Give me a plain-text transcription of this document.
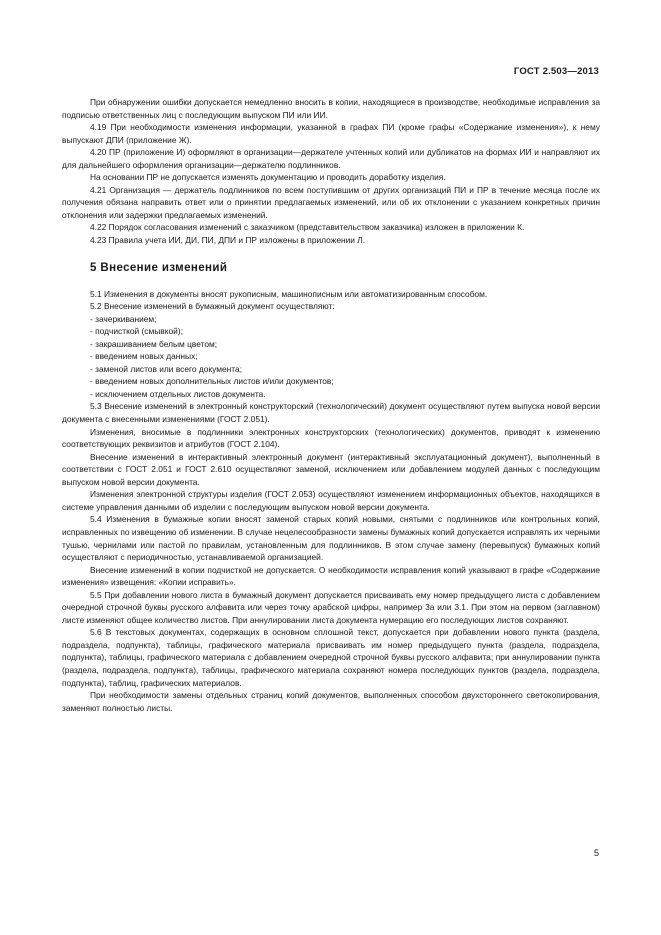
ГОСТ 2.503—2013

При обнаружении ошибки допускается немедленно вносить в копии, находящиеся в производстве, необходимые исправления за подписью ответственных лиц с последующим выпуском ПИ или ИИ.

4.19 При необходимости изменения информации, указанной в графах ПИ (кроме графы «Содержание изменения»), к нему выпускают ДПИ (приложение Ж).

4.20 ПР (приложение И) оформляют в организации—держателе учтенных копий или дубликатов на формах ИИ и направляют их для дальнейшего оформления организации—держателю подлинников.

На основании ПР не допускается изменять документацию и проводить доработку изделия.

4.21 Организация — держатель подлинников по всем поступившим от других организаций ПИ и ПР в течение месяца после их получения обязана направить ответ или о принятии предлагаемых изменений, или об их отклонении с указанием конкретных причин отклонения или задержки предлагаемых изменений.

4.22 Порядок согласования изменений с заказчиком (представительством заказчика) изложен в приложении К.

4.23 Правила учета ИИ, ДИ, ПИ, ДПИ и ПР изложены в приложении Л.

5 Внесение изменений

5.1 Изменения в документы вносят рукописным, машинописным или автоматизированным способом.

5.2 Внесение изменений в бумажный документ осуществляют:

- зачеркиванием;

- подчисткой (смывкой);

- закрашиванием белым цветом;

- введением новых данных;

- заменой листов или всего документа;

- введением новых дополнительных листов и/или документов;

- исключением отдельных листов документа.

5.3 Внесение изменений в электронный конструкторский (технологический) документ осуществляют путем выпуска новой версии документа с внесенными изменениями (ГОСТ 2.051).

Изменения, вносимые в подлинники электронных конструкторских (технологических) документов, приводят к изменению соответствующих реквизитов и атрибутов (ГОСТ 2.104).

Внесение изменений в интерактивный электронный документ (интерактивный эксплуатационный документ), выполненный в соответствии с ГОСТ 2.051 и ГОСТ 2.610 осуществляют заменой, исключением или добавлением модулей данных с последующим выпуском новой версии документа.

Изменения электронной структуры изделия (ГОСТ 2.053) осуществляют изменением информационных объектов, находящихся в системе управления данными об изделии с последующим выпуском новой версии документа.

5.4 Изменения в бумажные копии вносят заменой старых копий новыми, снятыми с подлинников или контрольных копий, исправленных по извещению об изменении. В случае нецелесообразности замены бумажных копий допускается исправлять их черными тушью, чернилами или пастой по правилам, установленным для подлинников. В этом случае замену (перевыпуск) бумажных копий осуществляют с периодичностью, устанавливаемой организацией.

Внесение изменений в копии подчисткой не допускается. О необходимости исправления копий указывают в графе «Содержание изменения» извещения: «Копии исправить».

5.5 При добавлении нового листа в бумажный документ допускается присваивать ему номер предыдущего листа с добавлением очередной строчной буквы русского алфавита или через точку арабской цифры, например 3а или 3.1. При этом на первом (заглавном) листе изменяют общее количество листов. При аннулировании листа документа нумерацию его последующих листов сохраняют.

5.6 В текстовых документах, содержащих в основном сплошной текст, допускается при добавлении нового пункта (раздела, подраздела, подпункта), таблицы, графического материала присваивать им номер предыдущего пункта (раздела, подраздела, подпункта), таблицы, графического материала с добавлением очередной строчной буквы русского алфавита; при аннулировании пункта (раздела, подраздела, подпункта), таблицы, графического материала сохраняют номера последующих пунктов (раздела, подраздела, подпункта), таблиц, графических материалов.

При необходимости замены отдельных страниц копий документов, выполненных способом двухстороннего светокопирования, заменяют полностью листы.

5
